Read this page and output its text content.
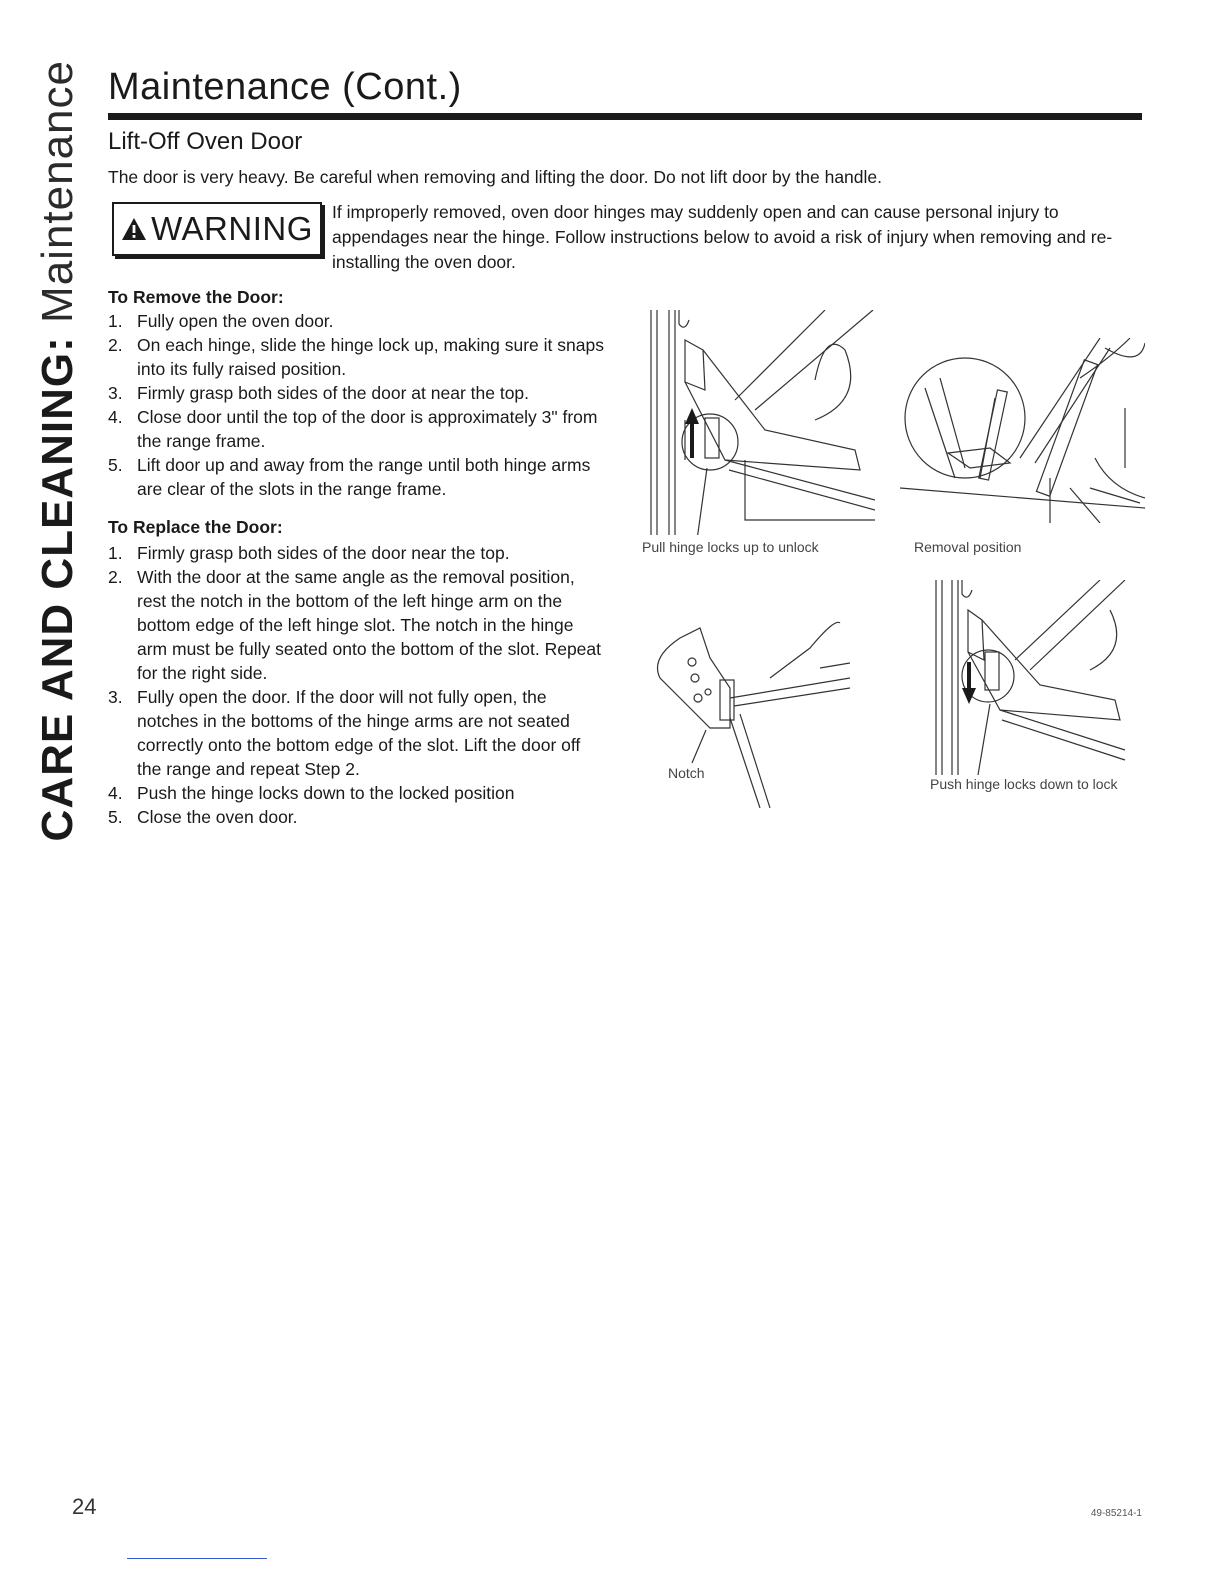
CARE AND CLEANING:

Maintenance Maintenance (Cont.)
Lift-Off Oven Door

The door is very heavy. Be careful when removing and lifting the door. Do not lift door by the handle.

WARNING If improperly removed, oven door hinges may suddenly open and can cause personal injury to appendages near the hinge. Follow instructions below to avoid a risk of injury when removing and re-installing the oven door.

To Remove the Door:
1. Fully open the oven door.
2. On each hinge, slide the hinge lock up, making sure it snaps into its fully raised position.
3. Firmly grasp both sides of the door at near the top.
4. Close door until the top of the door is approximately 3" from the range frame.
5. Lift door up and away from the range until both hinge arms are clear of the slots in the range frame.
To Replace the Door:
1. Firmly grasp both sides of the door near the top.
2. With the door at the same angle as the removal position, rest the notch in the bottom of the left hinge arm on the bottom edge of the left hinge slot. The notch in the hinge arm must be fully seated onto the bottom of the slot. Repeat for the right side.
3. Fully open the door. If the door will not fully open, the notches in the bottoms of the hinge arms are not seated correctly onto the bottom edge of the slot. Lift the door off the range and repeat Step 2.
4. Push the hinge locks down to the locked position
5. Close the oven door.
Pull hinge locks up to unlock	Removal position
Notch
Push hinge locks down to lock

24	49-85214-1
